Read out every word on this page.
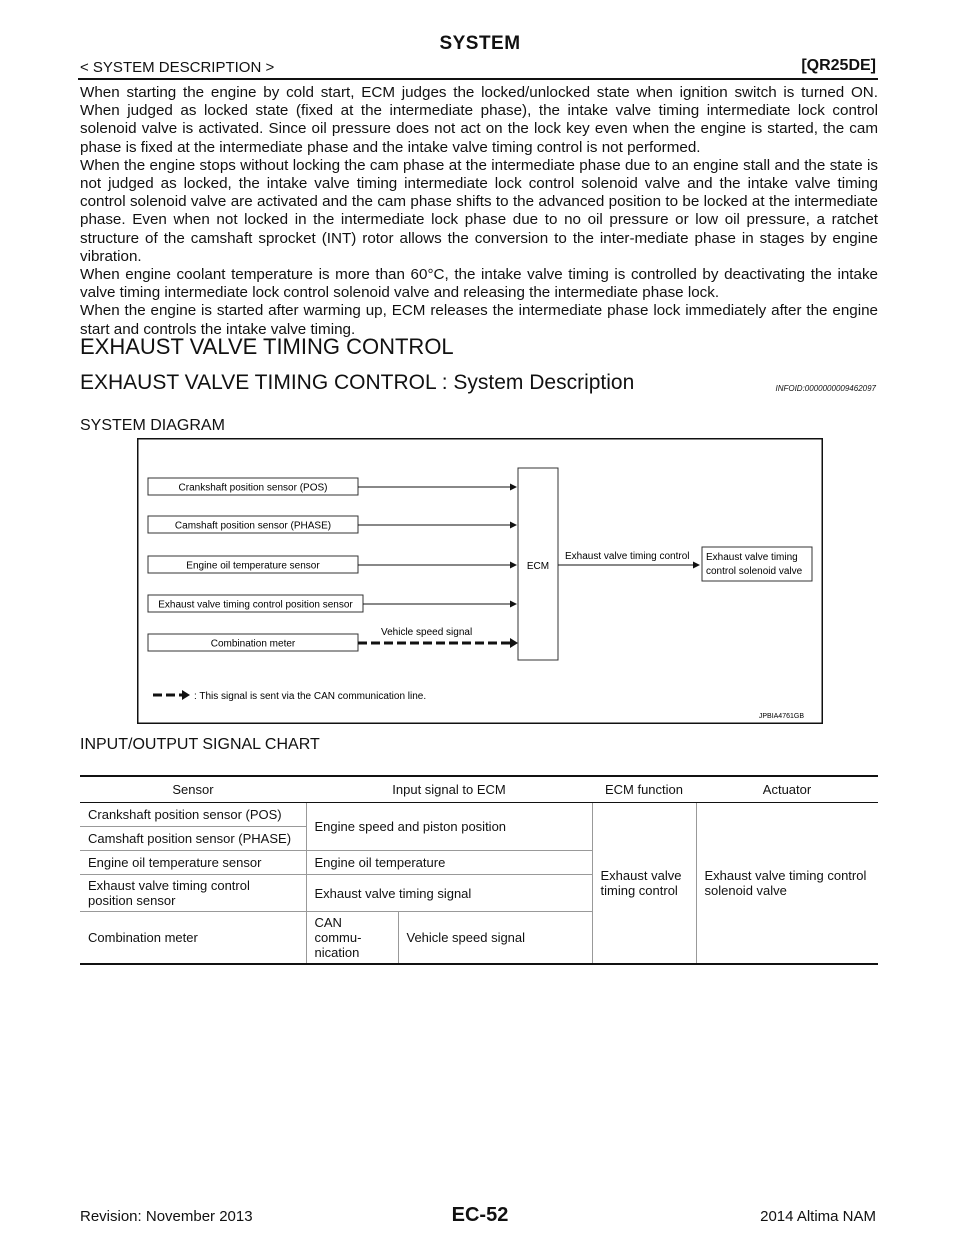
SYSTEM
< SYSTEM DESCRIPTION >	[QR25DE]

When starting the engine by cold start, ECM judges the locked/unlocked state when ignition switch is turned ON. When judged as locked state (fixed at the intermediate phase), the intake valve timing intermediate lock control solenoid valve is activated. Since oil pressure does not act on the lock key even when the engine is started, the cam phase is fixed at the intermediate phase and the intake valve timing control is not performed.

When the engine stops without locking the cam phase at the intermediate phase due to an engine stall and the state is not judged as locked, the intake valve timing intermediate lock control solenoid valve and the intake valve timing control solenoid valve are activated and the cam phase shifts to the advanced position to be locked at the intermediate phase. Even when not locked in the intermediate lock phase due to no oil pressure or low oil pressure, a ratchet structure of the camshaft sprocket (INT) rotor allows the conversion to the inter-mediate phase in stages by engine vibration.

When engine coolant temperature is more than 60°C, the intake valve timing is controlled by deactivating the intake valve timing intermediate lock control solenoid valve and releasing the intermediate phase lock.

When the engine is started after warming up, ECM releases the intermediate phase lock immediately after the engine start and controls the intake valve timing.

EXHAUST VALVE TIMING CONTROL
EXHAUST VALVE TIMING CONTROL : System Description	INFOID:0000000009462097
SYSTEM DIAGRAM
Crankshaft position sensor (POS)
Camshaft position sensor (PHASE)
Engine oil temperature sensor
Exhaust valve timing control position sensor
Combination meter
Vehicle speed signal
ECM
Exhaust valve timing control Exhaust valve timing
control solenoid valve
: This signal is sent via the CAN communication line.
JPBIA4761GB
INPUT/OUTPUT SIGNAL CHART
Sensor	Input signal to ECM		ECM function	Actuator
Crankshaft position sensor (POS)	Engine speed and piston position		Exhaust valve timing control	Exhaust valve timing control solenoid valve
Camshaft position sensor (PHASE)				
Engine oil temperature sensor	Engine oil temperature			
Exhaust valve timing control position sensor	Exhaust valve timing signal			
Combination meter	CAN commu-nication	Vehicle speed signal		
Revision: November 2013	EC-52	2014 Altima NAM
